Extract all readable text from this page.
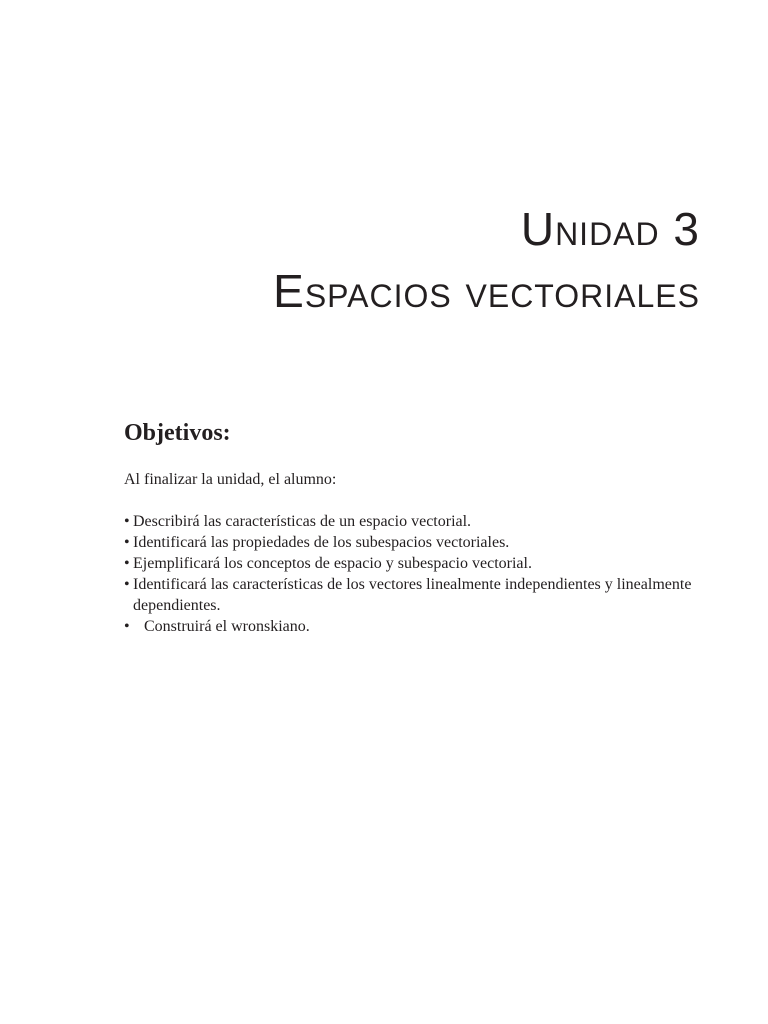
Unidad 3
Espacios vectoriales
Objetivos:

Al finalizar la unidad, el alumno:

• Describirá las características de un espacio vectorial.
• Identificará las propiedades de los subespacios vectoriales.
• Ejemplificará los conceptos de espacio y subespacio vectorial.
• Identificará las características de los vectores linealmente independientes y linealmente dependientes.
• Construirá el wronskiano.
